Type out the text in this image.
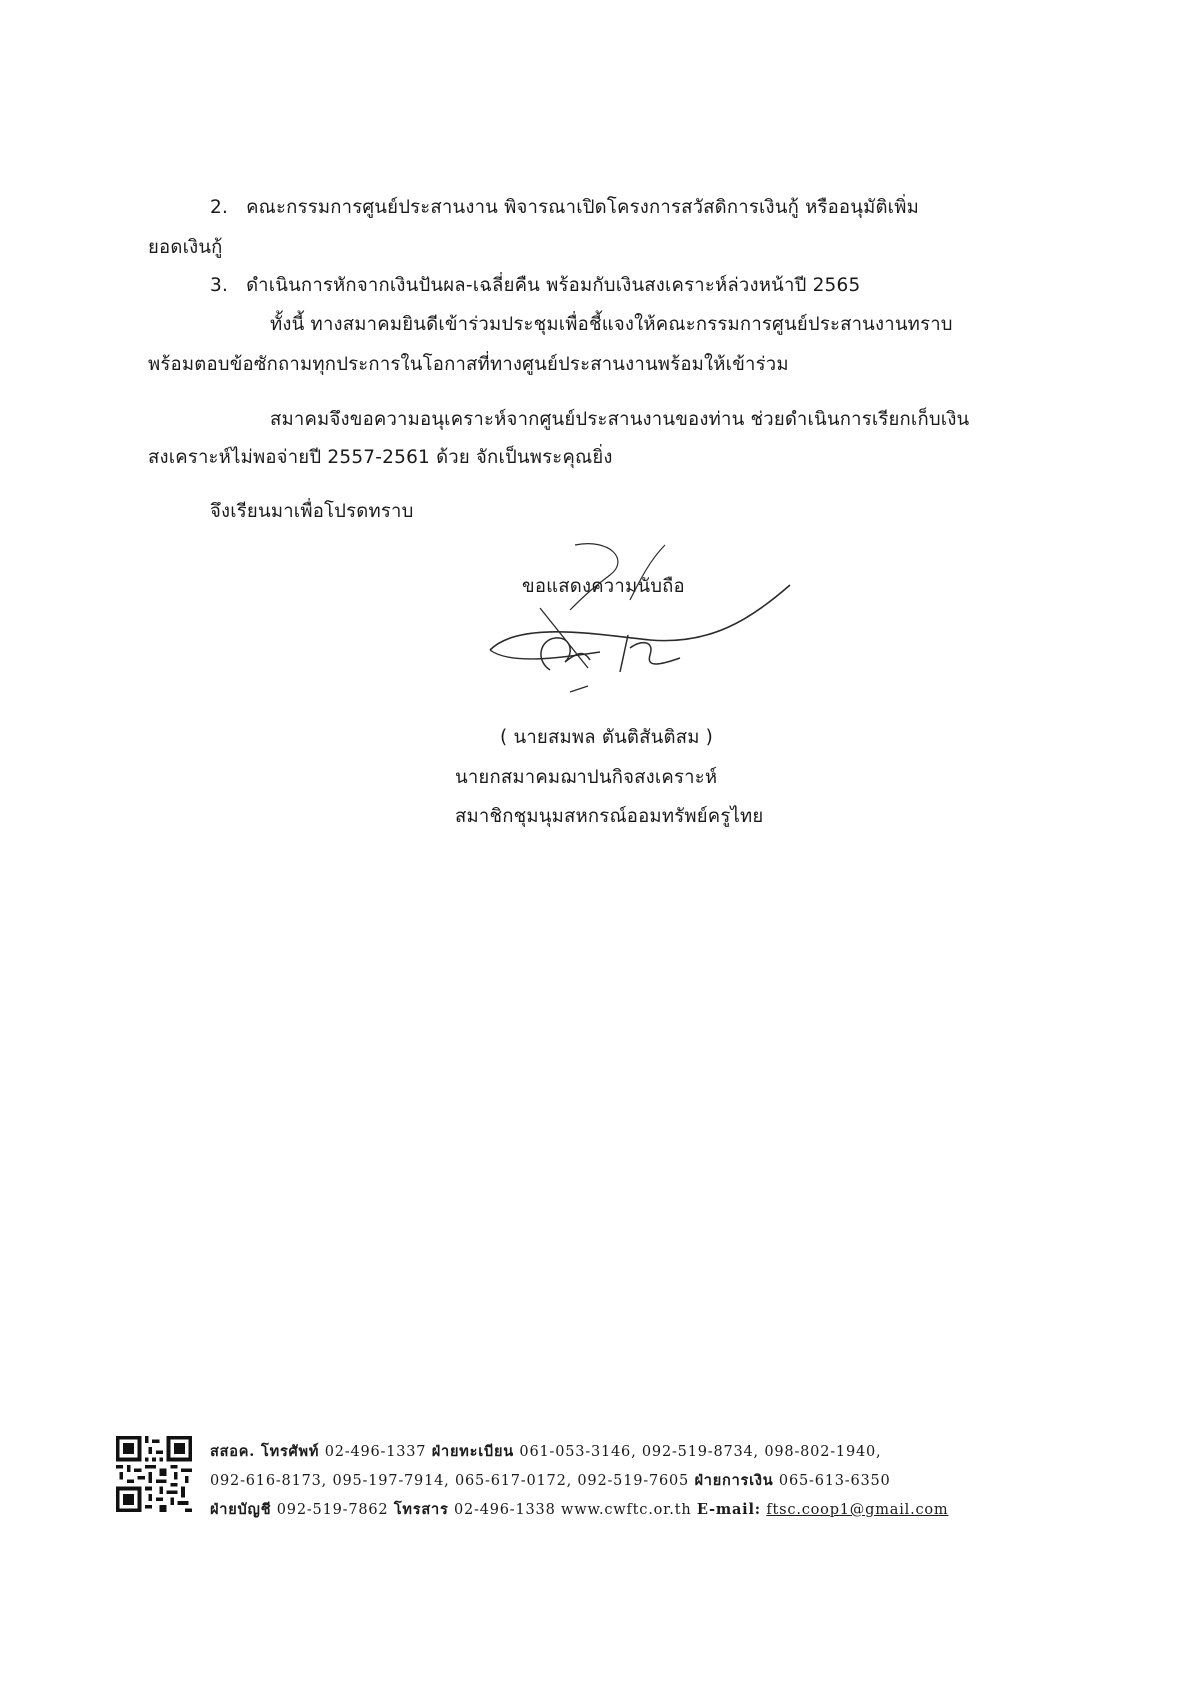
2. คณะกรรมการศูนย์ประสานงาน พิจารณาเปิดโครงการสวัสดิการเงินกู้ หรืออนุมัติเพิ่ม
ยอดเงินกู้
3. ดำเนินการหักจากเงินปันผล-เฉลี่ยคืน พร้อมกับเงินสงเคราะห์ล่วงหน้าปี 2565
ทั้งนี้ ทางสมาคมยินดีเข้าร่วมประชุมเพื่อชี้แจงให้คณะกรรมการศูนย์ประสานงานทราบ
พร้อมตอบข้อซักถามทุกประการในโอกาสที่ทางศูนย์ประสานงานพร้อมให้เข้าร่วม
สมาคมจึงขอความอนุเคราะห์จากศูนย์ประสานงานของท่าน ช่วยดำเนินการเรียกเก็บเงิน
สงเคราะห์ไม่พอจ่ายปี 2557-2561 ด้วย จักเป็นพระคุณยิ่ง
จึงเรียนมาเพื่อโปรดทราบ
ขอแสดงความนับถือ
( นายสมพล ตันติสันติสม )
นายกสมาคมฌาปนกิจสงเคราะห์
สมาชิกชุมนุมสหกรณ์ออมทรัพย์ครูไทย
สสอค. โทรศัพท์ 02-496-1337 ฝ่ายทะเบียน 061-053-3146, 092-519-8734, 098-802-1940,
092-616-8173, 095-197-7914, 065-617-0172, 092-519-7605 ฝ่ายการเงิน 065-613-6350
ฝ่ายบัญชี 092-519-7862 โทรสาร 02-496-1338 www.cwftc.or.th E-mail: ftsc.coop1@gmail.com
